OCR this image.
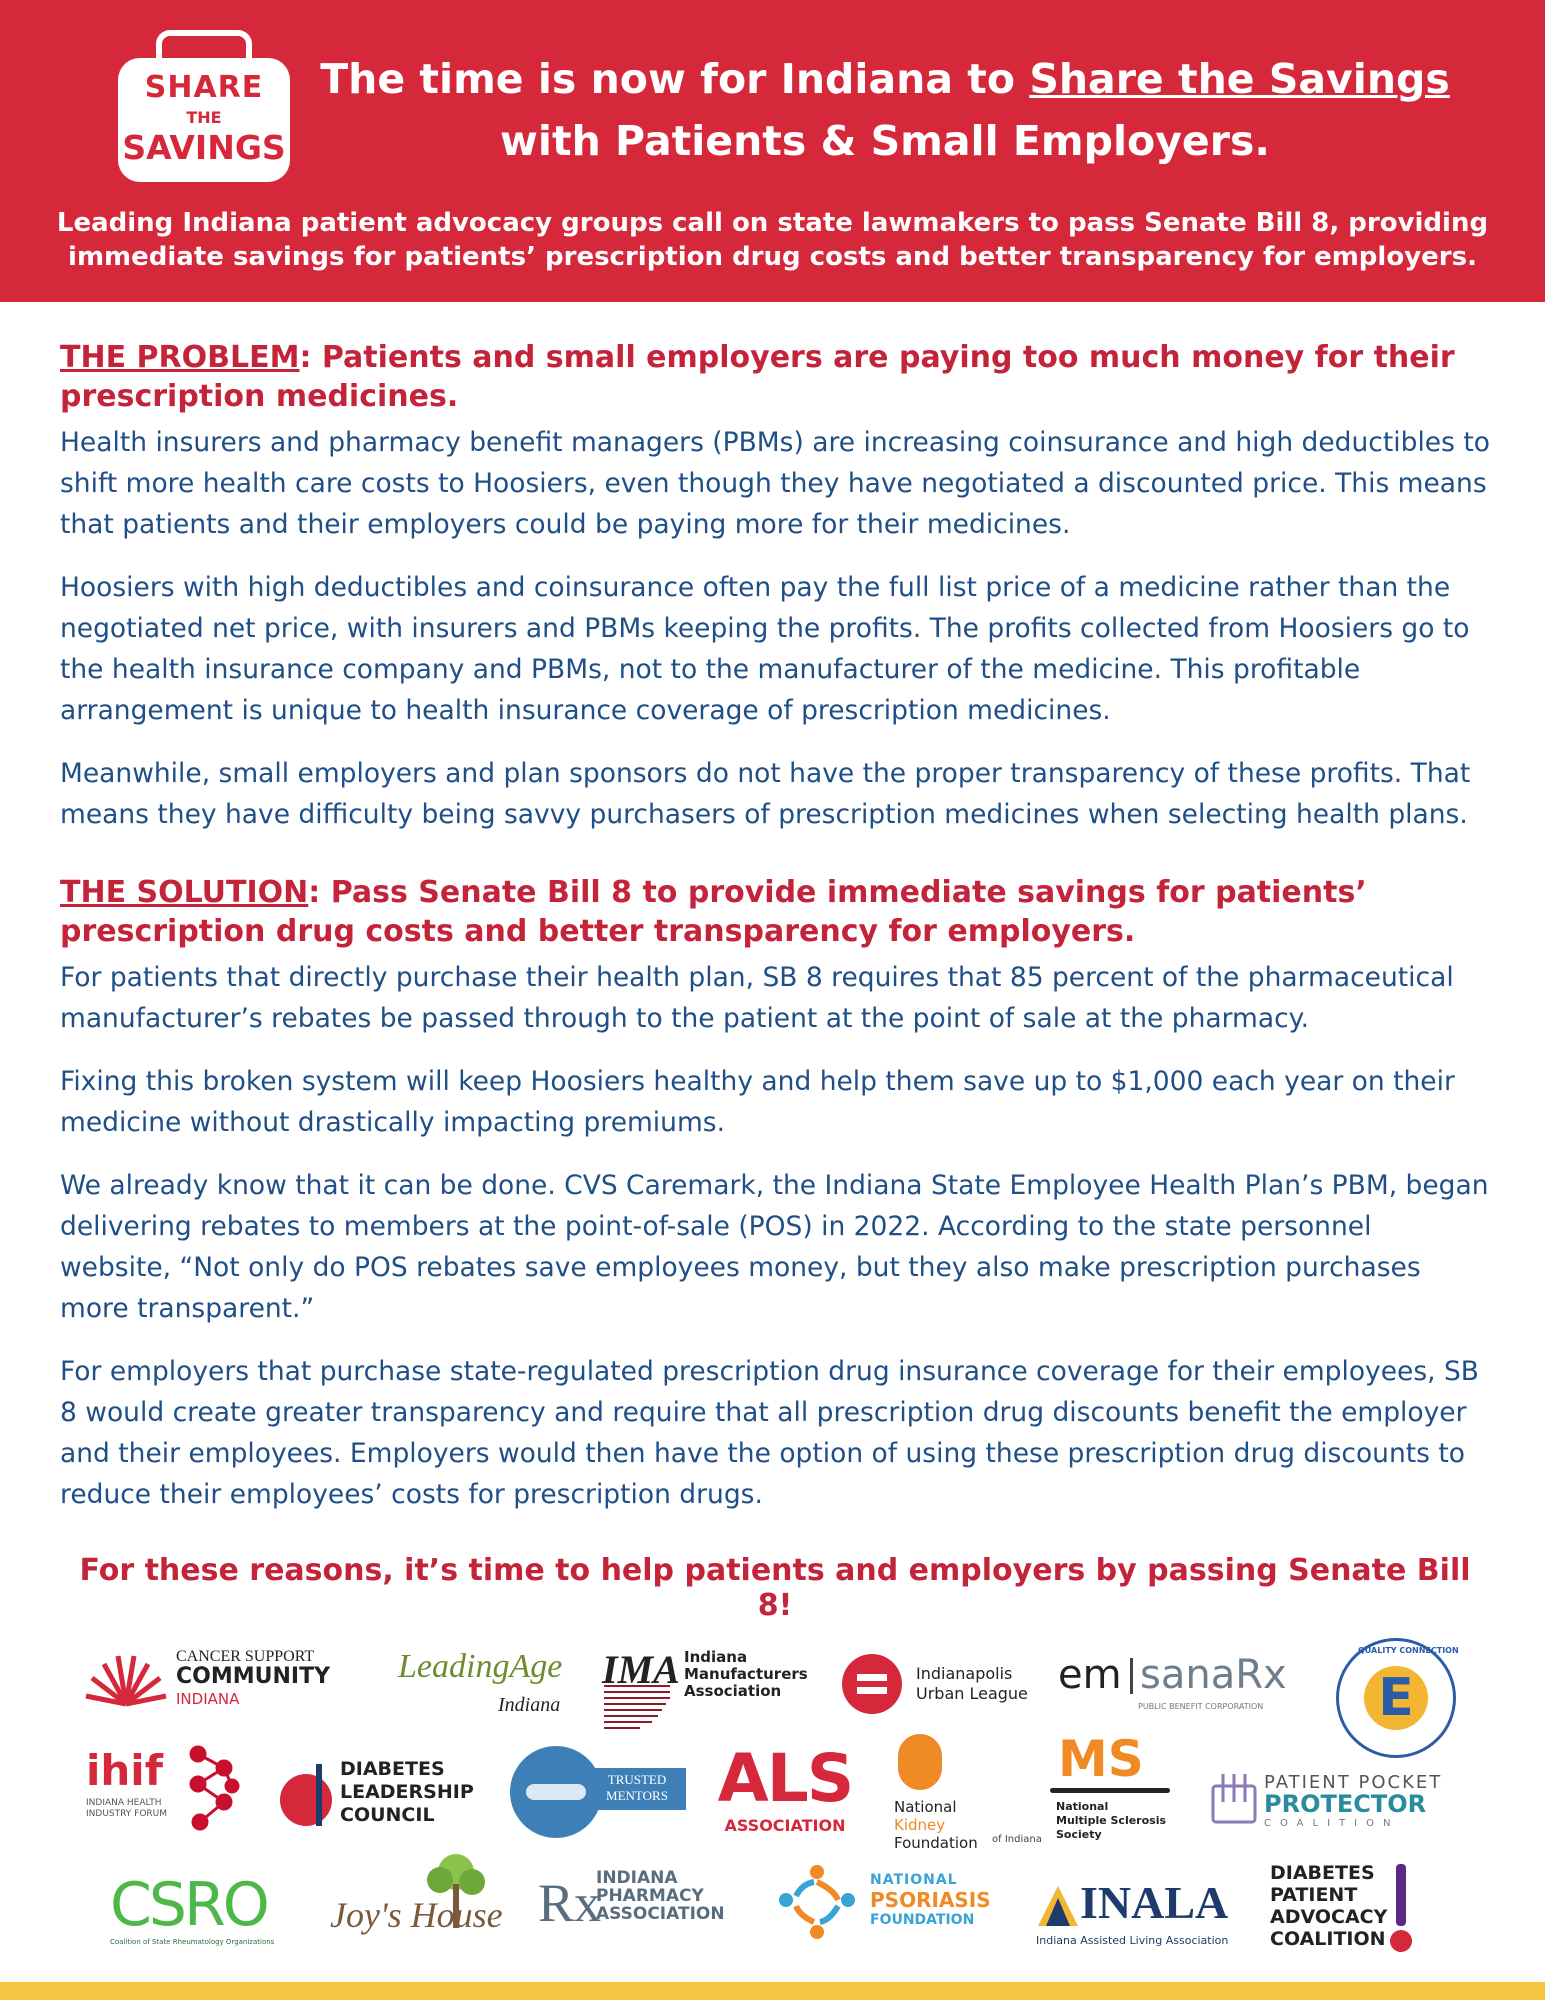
SHARE
THE
SAVINGS
The time is now for Indiana to Share the Savings
with Patients & Small Employers.
Leading Indiana patient advocacy groups call on state lawmakers to pass Senate Bill 8, providing immediate savings for patients’ prescription drug costs and better transparency for employers.
THE PROBLEM: Patients and small employers are paying too much money for their prescription medicines.

Health insurers and pharmacy benefit managers (PBMs) are increasing coinsurance and high deductibles to shift more health care costs to Hoosiers, even though they have negotiated a discounted price. This means that patients and their employers could be paying more for their medicines.

Hoosiers with high deductibles and coinsurance often pay the full list price of a medicine rather than the negotiated net price, with insurers and PBMs keeping the profits. The profits collected from Hoosiers go to the health insurance company and PBMs, not to the manufacturer of the medicine. This profitable arrangement is unique to health insurance coverage of prescription medicines.

Meanwhile, small employers and plan sponsors do not have the proper transparency of these profits. That means they have difficulty being savvy purchasers of prescription medicines when selecting health plans.

THE SOLUTION: Pass Senate Bill 8 to provide immediate savings for patients’ prescription drug costs and better transparency for employers.

For patients that directly purchase their health plan, SB 8 requires that 85 percent of the pharmaceutical manufacturer’s rebates be passed through to the patient at the point of sale at the pharmacy.

Fixing this broken system will keep Hoosiers healthy and help them save up to $1,000 each year on their medicine without drastically impacting premiums.

We already know that it can be done. CVS Caremark, the Indiana State Employee Health Plan’s PBM, began delivering rebates to members at the point-of-sale (POS) in 2022. According to the state personnel website, “Not only do POS rebates save employees money, but they also make prescription purchases more transparent.”

For employers that purchase state-regulated prescription drug insurance coverage for their employees, SB 8 would create greater transparency and require that all prescription drug discounts benefit the employer and their employees. Employers would then have the option of using these prescription drug discounts to reduce their employees’ costs for prescription drugs.

For these reasons, it’s time to help patients and employers by passing Senate Bill 8!
CANCER SUPPORT
COMMUNITY
INDIANA
LeadingAge
Indiana
IMA Indiana
Manufacturers
Association
Indianapolis
Urban League em sanaRx
PUBLIC BENEFIT CORPORATION
QUALITY CONNECTION
E
ihif
INDIANA HEALTH
INDUSTRY FORUM
DIABETES
LEADERSHIP
COUNCIL
TRUSTED
MENTORS ALS
ASSOCIATION
National
Kidney
Foundation of Indiana
MS
National
Multiple Sclerosis
Society
PATIENT POCKET
PROTECTOR
COALITION
CSRO
Coalition of State Rheumatology Organizations
Joy's House Rx
INDIANA
PHARMACY
ASSOCIATION
NATIONAL
PSORIASIS
FOUNDATION INALA
Indiana Assisted Living Association
DIABETES
PATIENT
ADVOCACY
COALITION
